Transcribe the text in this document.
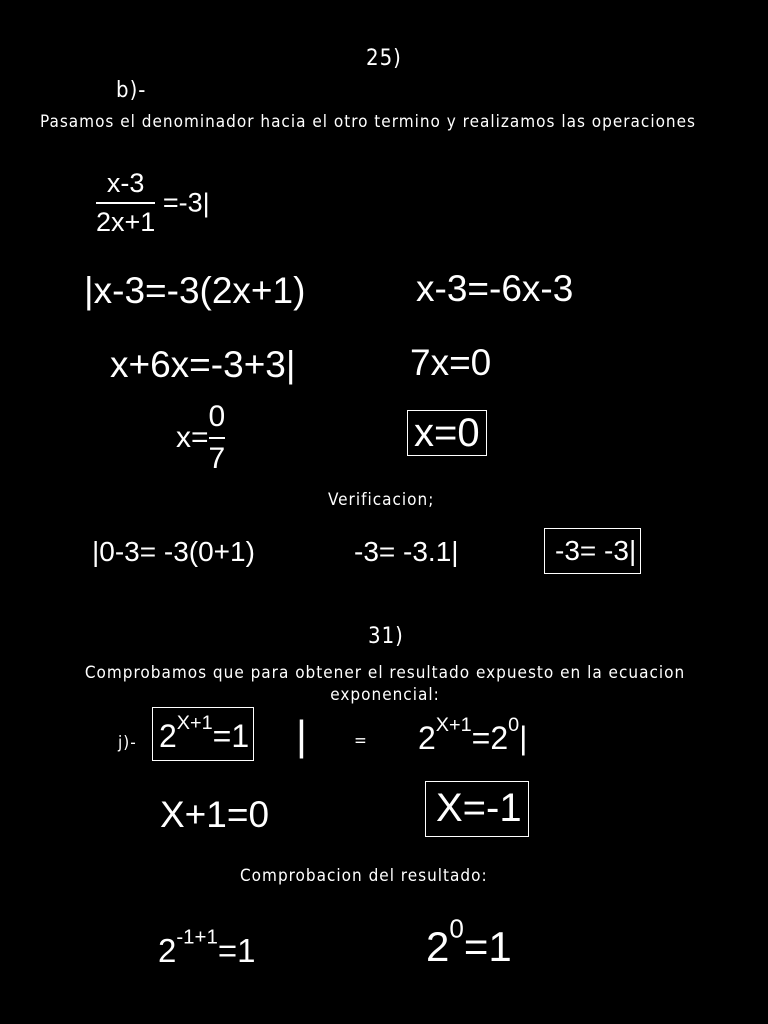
25)
b)-
Pasamos el denominador hacia el otro termino y realizamos las operaciones
$\frac{x-3}{2x+1} =-3$ |
|x-3=-3(2x+1)	x-3=-6x-3
x+6x=-3+3 |	7x=0
$x= \frac{0}{7}$	x=0
Verificacion;
|0-3= -3(0+1)	-3= -3.1 |	-3= -3 |
31)
Comprobamos que para obtener el resultado expuesto en la ecuacion exponencial:
j)- $2^{X+1}=1$ |	= $2^{X+1}=2^0|$
X+1=0	X=-1
Comprobacion del resultado:
$2^{-1+1}=1$	$2^0=1$
